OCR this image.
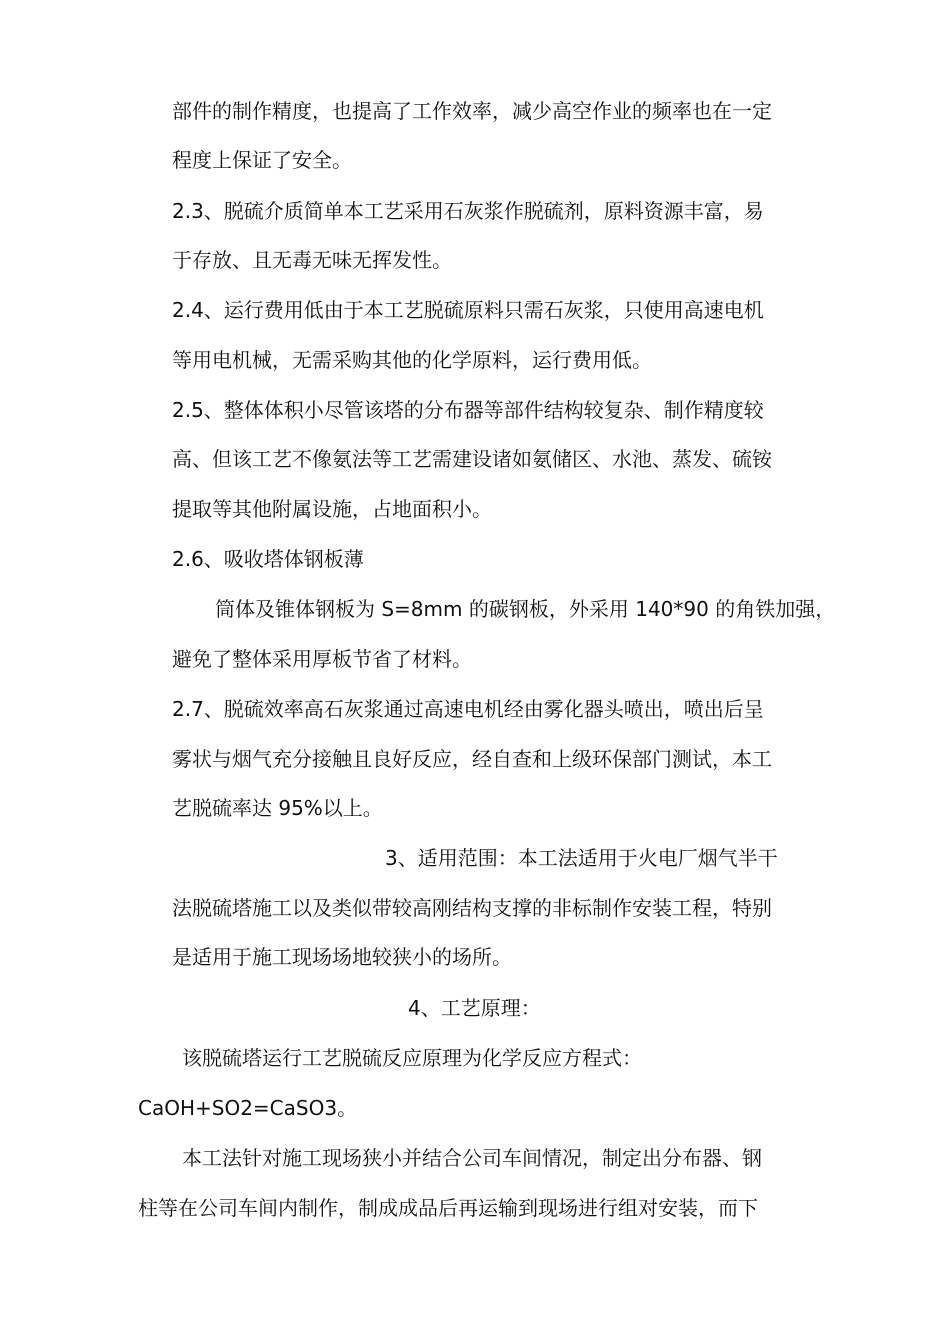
部件的制作精度，也提高了工作效率，减少高空作业的频率也在一定

程度上保证了安全。

2.3、脱硫介质简单本工艺采用石灰浆作脱硫剂，原料资源丰富，易

于存放、且无毒无味无挥发性。

2.4、运行费用低由于本工艺脱硫原料只需石灰浆，只使用高速电机

等用电机械，无需采购其他的化学原料，运行费用低。

2.5、整体体积小尽管该塔的分布器等部件结构较复杂、制作精度较

高、但该工艺不像氨法等工艺需建设诸如氨储区、水池、蒸发、硫铵

提取等其他附属设施，占地面积小。

2.6、吸收塔体钢板薄

筒体及锥体钢板为 S=8mm 的碳钢板，外采用 140*90 的角铁加强，

避免了整体采用厚板节省了材料。

2.7、脱硫效率高石灰浆通过高速电机经由雾化器头喷出，喷出后呈

雾状与烟气充分接触且良好反应，经自查和上级环保部门测试，本工

艺脱硫率达 95%以上。

3、适用范围：本工法适用于火电厂烟气半干

法脱硫塔施工以及类似带较高刚结构支撑的非标制作安装工程，特别

是适用于施工现场场地较狭小的场所。

4、工艺原理：

该脱硫塔运行工艺脱硫反应原理为化学反应方程式：

CaOH+SO2=CaSO3。

本工法针对施工现场狭小并结合公司车间情况，制定出分布器、钢

柱等在公司车间内制作，制成成品后再运输到现场进行组对安装，而下
